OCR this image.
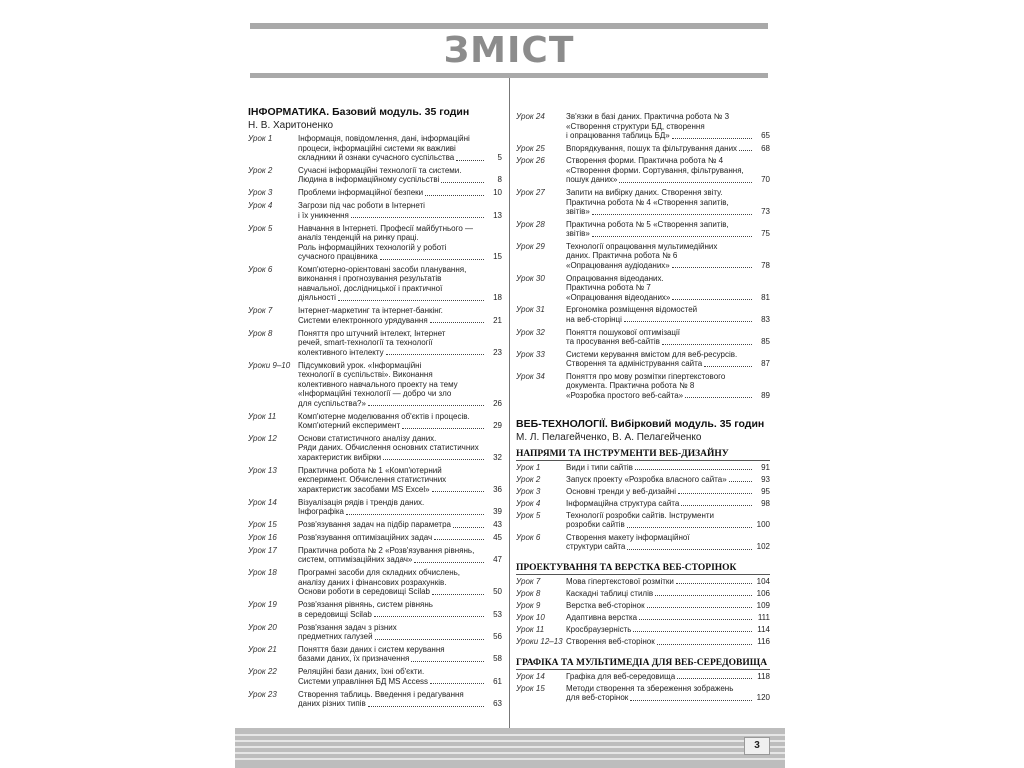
ЗМІСТ
ІНФОРМАТИКА. Базовий модуль. 35 годин
Н. В. Харитоненко
Урок 1	Інформація, повідомлення, дані, інформаційні
процеси, інформаційні системи як важливі
складники й ознаки сучасного суспільства	5
Урок 2	Сучасні інформаційні технології та системи.
Людина в інформаційному суспільстві	8
Урок 3	Проблеми інформаційної безпеки	10
Урок 4	Загрози під час роботи в Інтернеті
і їх уникнення	13
Урок 5	Навчання в Інтернеті. Професії майбутнього —
аналіз тенденцій на ринку праці.
Роль інформаційних технологій у роботі
сучасного працівника	15
Урок 6	Комп'ютерно-орієнтовані засоби планування,
виконання і прогнозування результатів
навчальної, дослідницької і практичної
діяльності	18
Урок 7	Інтернет-маркетинг та інтернет-банкінг.
Системи електронного урядування	21
Урок 8	Поняття про штучний інтелект, Інтернет
речей, smart-технології та технології
колективного інтелекту	23
Уроки 9–10 Підсумковий урок. «Інформаційні
технології в суспільстві». Виконання
колективного навчального проекту на тему
«Інформаційні технології — добро чи зло
для суспільства?»	26
Урок 11	Комп'ютерне моделювання об'єктів і процесів.
Комп'ютерний експеримент	29
Урок 12	Основи статистичного аналізу даних.
Ряди даних. Обчислення основних статистичних
характеристик вибірки	32
Урок 13	Практична робота № 1 «Комп'ютерний
експеримент. Обчислення статистичних
характеристик засобами MS Excel»	36
Урок 14	Візуалізація рядів і трендів даних.
Інфографіка	39
Урок 15	Розв'язування задач на підбір параметра	43
Урок 16	Розв'язування оптимізаційних задач	45
Урок 17	Практична робота № 2 «Розв'язування рівнянь,
систем, оптимізаційних задач»	47
Урок 18	Програмні засоби для складних обчислень,
аналізу даних і фінансових розрахунків.
Основи роботи в середовищі Scilab	50
Урок 19	Розв'язання рівнянь, систем рівнянь
в середовищі Scilab	53
Урок 20	Розв'язання задач з різних
предметних галузей	56
Урок 21	Поняття бази даних і систем керування
базами даних, їх призначення	58
Урок 22	Реляційні бази даних, їхні об'єкти.
Системи управління БД MS Access	61
Урок 23	Створення таблиць. Введення і редагування
даних різних типів	63
Урок 24	Зв'язки в базі даних. Практична робота № 3
«Створення структури БД, створення
і опрацювання таблиць БД»	65
Урок 25	Впорядкування, пошук та фільтрування даних	68
Урок 26	Створення форми. Практична робота № 4
«Створення форми. Сортування, фільтрування,
пошук даних»	70
Урок 27	Запити на вибірку даних. Створення звіту.
Практична робота № 4 «Створення запитів,
звітів»	73
Урок 28	Практична робота № 5 «Створення запитів,
звітів»	75
Урок 29	Технології опрацювання мультимедійних
даних. Практична робота № 6
«Опрацювання аудіоданих»	78
Урок 30	Опрацювання відеоданих.
Практична робота № 7
«Опрацювання відеоданих»	81
Урок 31	Ергономіка розміщення відомостей
на веб-сторінці	83
Урок 32	Поняття пошукової оптимізації
та просування веб-сайтів	85
Урок 33	Системи керування вмістом для веб-ресурсів.
Створення та адміністрування сайта	87
Урок 34	Поняття про мову розмітки гіпертекстового
документа. Практична робота № 8
«Розробка простого веб-сайта»	89
ВЕБ-ТЕХНОЛОГІЇ. Вибірковий модуль. 35 годин
М. Л. Пелагейченко, В. А. Пелагейченко
НАПРЯМИ ТА ІНСТРУМЕНТИ ВЕБ-ДИЗАЙНУ
Урок 1	Види і типи сайтів	91
Урок 2	Запуск проекту «Розробка власного сайта»	93
Урок 3	Основні тренди у веб-дизайні	95
Урок 4	Інформаційна структура сайта	98
Урок 5	Технології розробки сайтів. Інструменти
розробки сайтів	100
Урок 6	Створення макету інформаційної
структури сайта	102
ПРОЕКТУВАННЯ ТА ВЕРСТКА ВЕБ-СТОРІНОК
Урок 7	Мова гіпертекстової розмітки	104
Урок 8	Каскадні таблиці стилів	106
Урок 9	Верстка веб-сторінок	109
Урок 10	Адаптивна верстка	111
Урок 11	Кросбраузерність	114
Уроки 12–13 Створення веб-сторінок	116
ГРАФІКА ТА МУЛЬТИМЕДІА ДЛЯ ВЕБ-СЕРЕДОВИЩА
Урок 14	Графіка для веб-середовища	118
Урок 15	Методи створення та збереження зображень
для веб-сторінок	120
3
